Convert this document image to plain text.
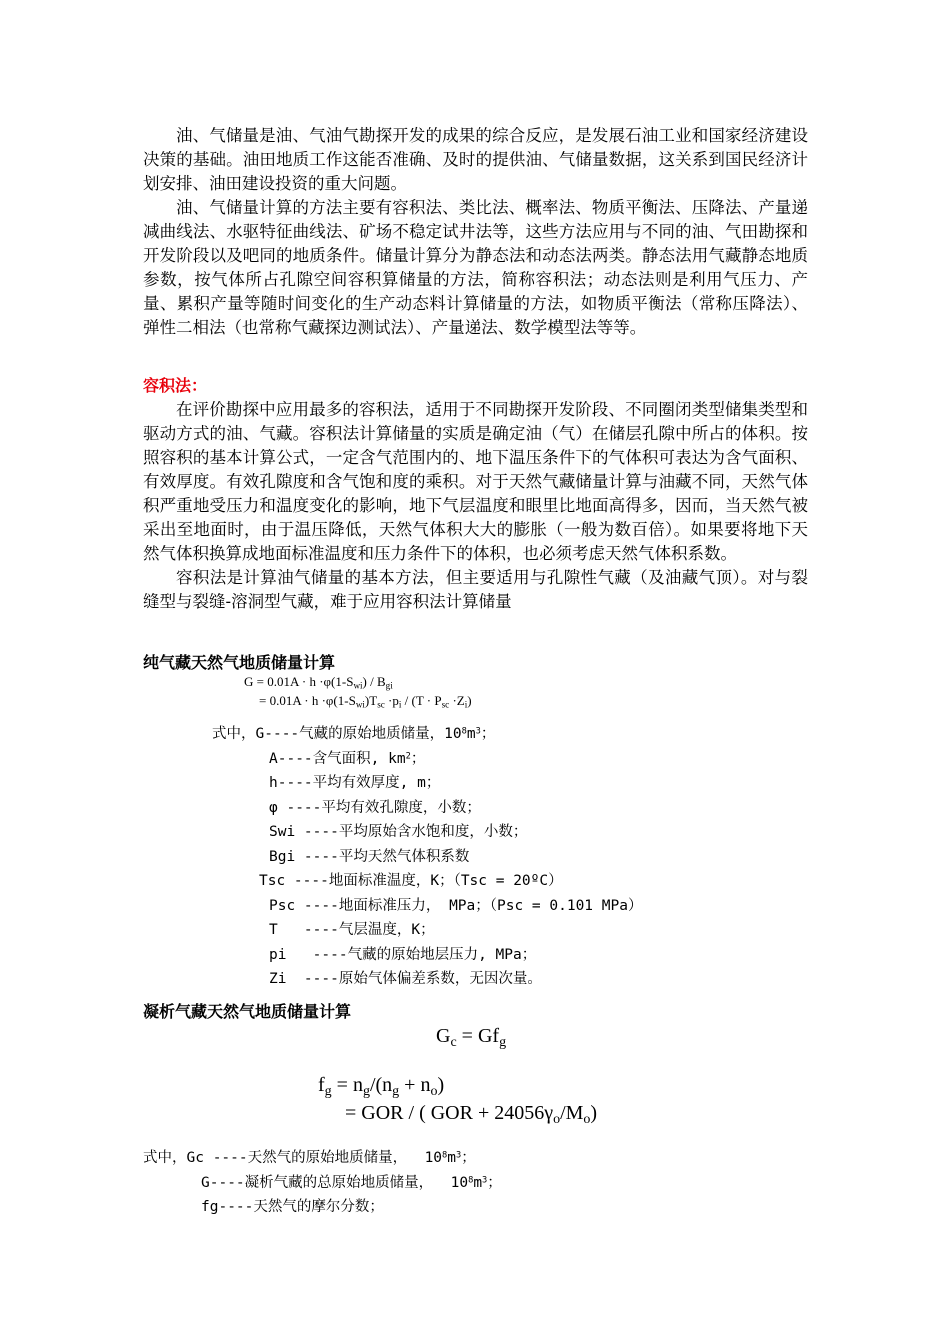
油、气储量是油、气油气勘探开发的成果的综合反应，是发展石油工业和国家经济建设决策的基础。油田地质工作这能否准确、及时的提供油、气储量数据，这关系到国民经济计划安排、油田建设投资的重大问题。

油、气储量计算的方法主要有容积法、类比法、概率法、物质平衡法、压降法、产量递减曲线法、水驱特征曲线法、矿场不稳定试井法等，这些方法应用与不同的油、气田勘探和开发阶段以及吧同的地质条件。储量计算分为静态法和动态法两类。静态法用气藏静态地质参数，按气体所占孔隙空间容积算储量的方法，简称容积法；动态法则是利用气压力、产量、累积产量等随时间变化的生产动态料计算储量的方法，如物质平衡法（常称压降法）、弹性二相法（也常称气藏探边测试法）、产量递法、数学模型法等等。

容积法：

在评价勘探中应用最多的容积法，适用于不同勘探开发阶段、不同圈闭类型储集类型和驱动方式的油、气藏。容积法计算储量的实质是确定油（气）在储层孔隙中所占的体积。按照容积的基本计算公式，一定含气范围内的、地下温压条件下的气体积可表达为含气面积、有效厚度。有效孔隙度和含气饱和度的乘积。对于天然气藏储量计算与油藏不同，天然气体积严重地受压力和温度变化的影响，地下气层温度和眼里比地面高得多，因而，当天然气被采出至地面时，由于温压降低，天然气体积大大的膨胀（一般为数百倍）。如果要将地下天然气体积换算成地面标准温度和压力条件下的体积，也必须考虑天然气体积系数。

容积法是计算油气储量的基本方法，但主要适用与孔隙性气藏（及油藏气顶）。对与裂缝型与裂缝-溶洞型气藏，难于应用容积法计算储量

纯气藏天然气地质储量计算
$G = 0.01A \cdot h \cdot\varphi(1-S_{wi}) / B_{gi}$
= $0.01A \cdot h \cdot\varphi(1-S_{wi})T_{sc} \cdot p_i / (T \cdot P_{sc} \cdot Z_i)$
式中，G----气藏的原始地质储量，$10^8m^3$；
A----含气面积, $km^2$；
h----平均有效厚度, m；
φ ----平均有效孔隙度，小数；
Swi ----平均原始含水饱和度，小数；
Bgi ----平均天然气体积系数
Tsc ----地面标准温度，K；（Tsc = 20ºC）
Psc ----地面标准压力， MPa；（Psc = 0.101 MPa）
T   ----气层温度，K；
pi   ----气藏的原始地层压力, MPa；
Zi  ----原始气体偏差系数，无因次量。
凝析气藏天然气地质储量计算
$G_c = Gf_g$
$f_g = n_g/(n_g + n_o)$
= GOR / ( GOR + $24056\gamma_o/M_o$)
式中，Gc ----天然气的原始地质储量，  $10^8m^3$；
G----凝析气藏的总原始地质储量，  $10^8m^3$；
fg----天然气的摩尔分数；
